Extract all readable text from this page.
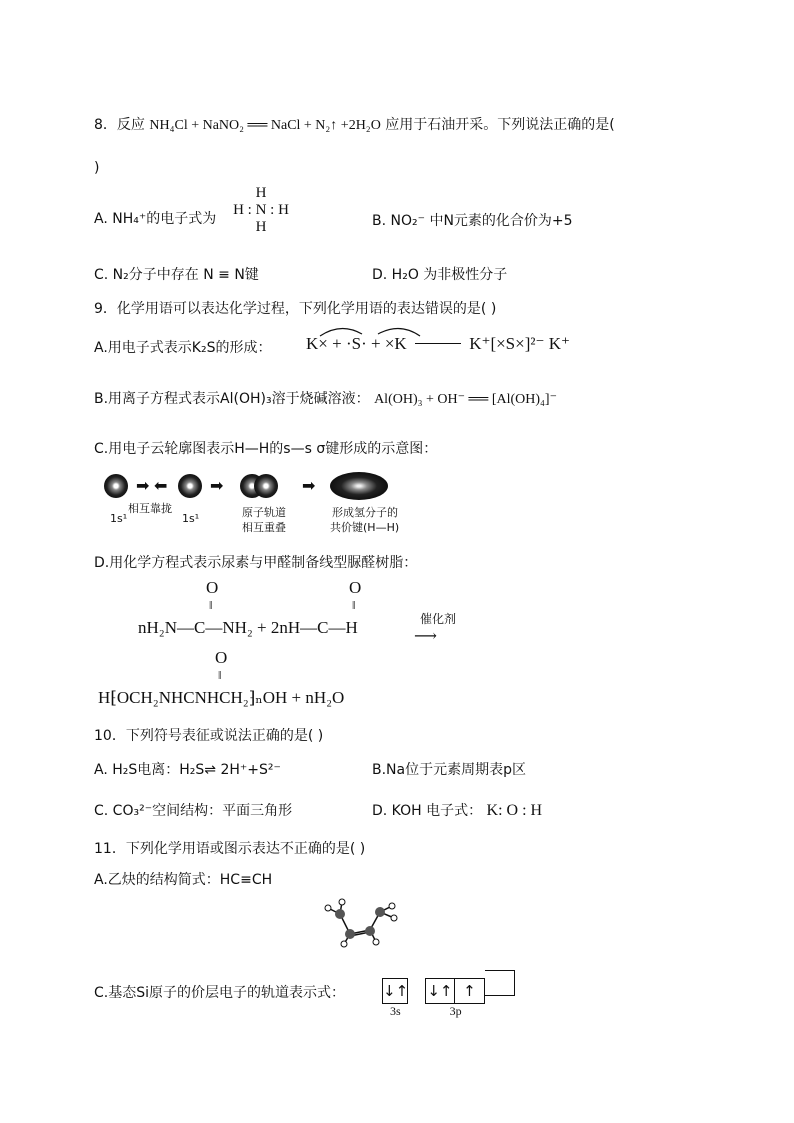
8．反应 NH₄Cl + NaNO₂ ══ NaCl + N₂↑ +2H₂O 应用于石油开采。下列说法正确的是(
)
A. NH₄⁺的电子式为
H
H : N : H
H	B. NO₂⁻ 中N元素的化合价为+5
C. N₂分子中存在 N ≡ N键	D. H₂O 为非极性分子
9．化学用语可以表达化学过程，下列化学用语的表达错误的是( )
A.用电子式表示K₂S的形成： K× + ·S· + ×K	K⁺[×S×]²⁻ K⁺
B.用离子方程式表示Al(OH)₃溶于烧碱溶液： Al(OH)₃ + OH⁻ ══ [Al(OH)₄]⁻
C.用电子云轮廓图表示H—H的s—s σ键形成的示意图：
➡ ⬅
1s¹
相互靠拢
1s¹
➡
原子轨道
相互重叠
➡
形成氢分子的
共价键(H—H)
D.用化学方程式表示尿素与甲醛制备线型脲醛树脂：
O
‖
O
‖
nH₂N—C—NH₂ + 2nH—C—H	催化剂
⟶
O
‖
H⁅OCH₂NHCNHCH₂⁆ₙOH + nH₂O
10．下列符号表征或说法正确的是( )
A. H₂S电离：H₂S⇌ 2H⁺+S²⁻	B.Na位于元素周期表p区
C. CO₃²⁻空间结构：平面三角形	D. KOH 电子式： K: O : H
11．下列化学用语或图示表达不正确的是( )
A.乙炔的结构简式：HC≡CH
C.基态Si原子的价层电子的轨道表示式：	↓↑ ↓↑ ↑
3s	3p
